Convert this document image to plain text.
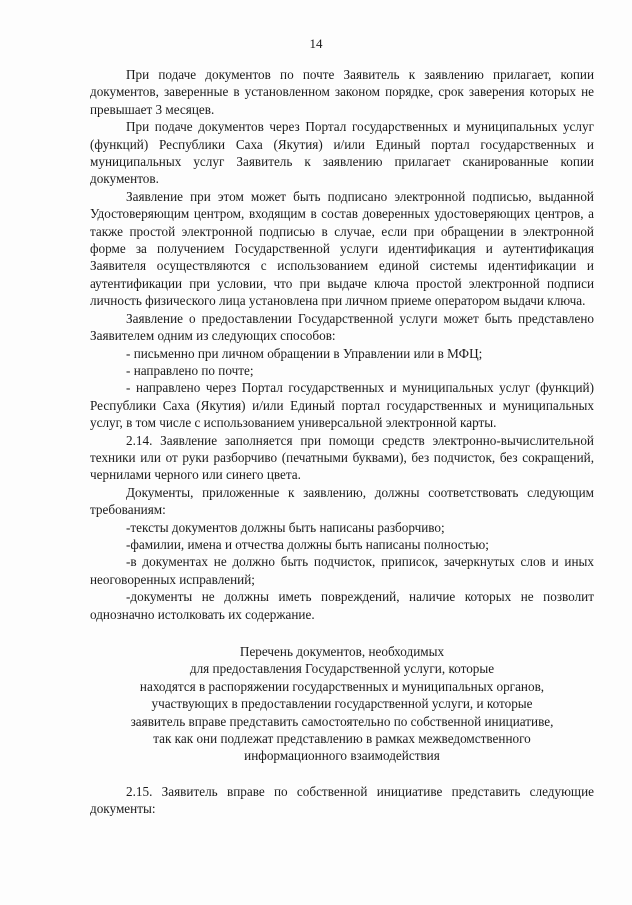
14

При подаче документов по почте Заявитель к заявлению прилагает, копии документов, заверенные в установленном законом порядке, срок заверения которых не превышает 3 месяцев.

При подаче документов через Портал государственных и муниципальных услуг (функций) Республики Саха (Якутия) и/или Единый портал государственных и муниципальных услуг Заявитель к заявлению прилагает сканированные копии документов.

Заявление при этом может быть подписано электронной подписью, выданной Удостоверяющим центром, входящим в состав доверенных удостоверяющих центров, а также простой электронной подписью в случае, если при обращении в электронной форме за получением Государственной услуги идентификация и аутентификация Заявителя осуществляются с использованием единой системы идентификации и аутентификации при условии, что при выдаче ключа простой электронной подписи личность физического лица установлена при личном приеме оператором выдачи ключа.

Заявление о предоставлении Государственной услуги может быть представлено Заявителем одним из следующих способов:

- письменно при личном обращении в Управлении или в МФЦ;

- направлено по почте;

- направлено через Портал государственных и муниципальных услуг (функций) Республики Саха (Якутия) и/или Единый портал государственных и муниципальных услуг, в том числе с использованием универсальной электронной карты.

2.14. Заявление заполняется при помощи средств электронно-вычислительной техники или от руки разборчиво (печатными буквами), без подчисток, без сокращений, чернилами черного или синего цвета.

Документы, приложенные к заявлению, должны соответствовать следующим требованиям:

-тексты документов должны быть написаны разборчиво;

-фамилии, имена и отчества должны быть написаны полностью;

-в документах не должно быть подчисток, приписок, зачеркнутых слов и иных неоговоренных исправлений;

-документы не должны иметь повреждений, наличие которых не позволит однозначно истолковать их содержание.

Перечень документов, необходимых
для предоставления Государственной услуги, которые
находятся в распоряжении государственных и муниципальных органов,
участвующих в предоставлении государственной услуги, и которые
заявитель вправе представить самостоятельно по собственной инициативе,
так как они подлежат представлению в рамках межведомственного
информационного взаимодействия

2.15. Заявитель вправе по собственной инициативе представить следующие документы:
